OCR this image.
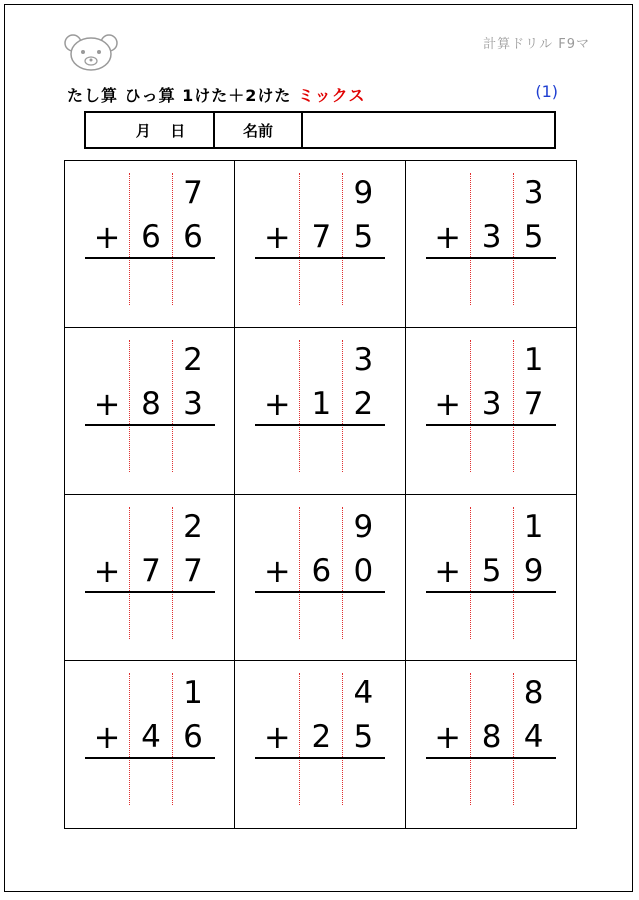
計算ドリル F9マ
たし算 ひっ算 1けた＋2けた ミックス	(1)
月 日	名前
7
+ 6 6
9
+ 7 5
3
+ 3 5
2
+ 8 3
3
+ 1 2
1
+ 3 7
2
+ 7 7
9
+ 6 0
1
+ 5 9
1
+ 4 6
4
+ 2 5
8
+ 8 4
